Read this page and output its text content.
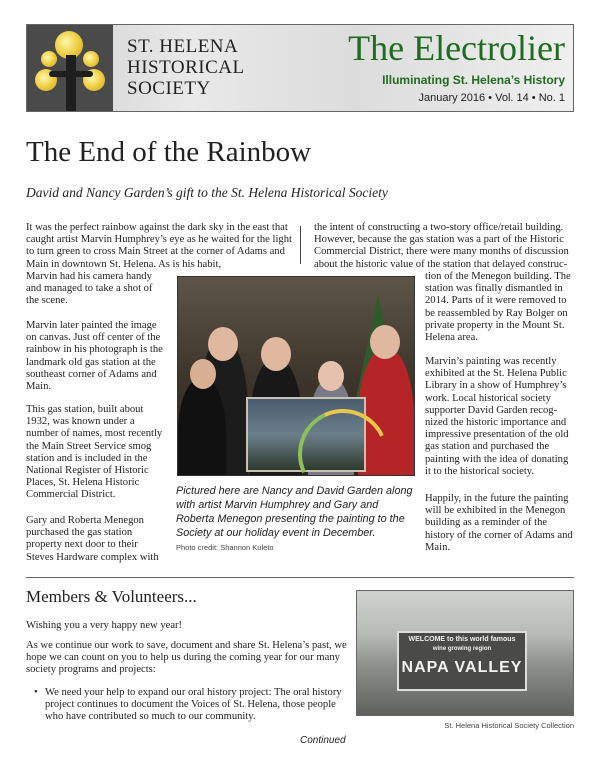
ST. HELENA
HISTORICAL
SOCIETY
The Electrolier
Illuminating St. Helena’s History
January 2016 • Vol. 14 • No. 1
The End of the Rainbow
David and Nancy Garden’s gift to the St. Helena Historical Society
It was the perfect rainbow against the dark sky in the east that caught artist Marvin Humphrey’s eye as he waited for the light to turn green to cross Main Street at the corner of Adams and Main in downtown St. Helena. As is his habit,
Marvin had his camera handy and managed to take a shot of the scene.
Marvin later painted the image on canvas. Just off center of the rainbow in his photograph is the landmark old gas station at the southeast corner of Adams and Main.
This gas station, built about 1932, was known under a number of names, most recently the Main Street Service smog station and is included in the National Register of Historic Places, St. Helena Historic Commercial District.
Gary and Roberta Menegon purchased the gas station property next door to their Steves Hardware complex with
the intent of constructing a two-story office/retail building. However, because the gas station was a part of the Historic Commercial District, there were many months of discussion about the historic value of the station that delayed construc-
tion of the Menegon building. The station was finally dismantled in 2014. Parts of it were removed to be reassembled by Ray Bolger on private property in the Mount St. Helena area.
Marvin’s painting was recently exhibited at the St. Helena Public Library in a show of Humphrey’s work. Local historical society supporter David Garden recognized the historic importance and impressive presentation of the old gas station and purchased the painting with the idea of donating it to the historical society.
Happily, in the future the painting will be exhibited in the Menegon building as a reminder of the history of the corner of Adams and Main.
Pictured here are Nancy and David Garden along with artist Marvin Humphrey and Gary and Roberta Menegon presenting the painting to the Society at our holiday event in December.
Photo credit: Shannon Kuleto
Members & Volunteers...
Wishing you a very happy new year!
As we continue our work to save, document and share St. Helena’s past, we hope we can count on you to help us during the coming year for our many society programs and projects:
• We need your help to expand our oral history project: The oral history project continues to document the Voices of St. Helena, those people who have contributed so much to our community.
WELCOME to this world famous
wine growing region
NAPA VALLEY
St. Helena Historical Society Collection
Continued
